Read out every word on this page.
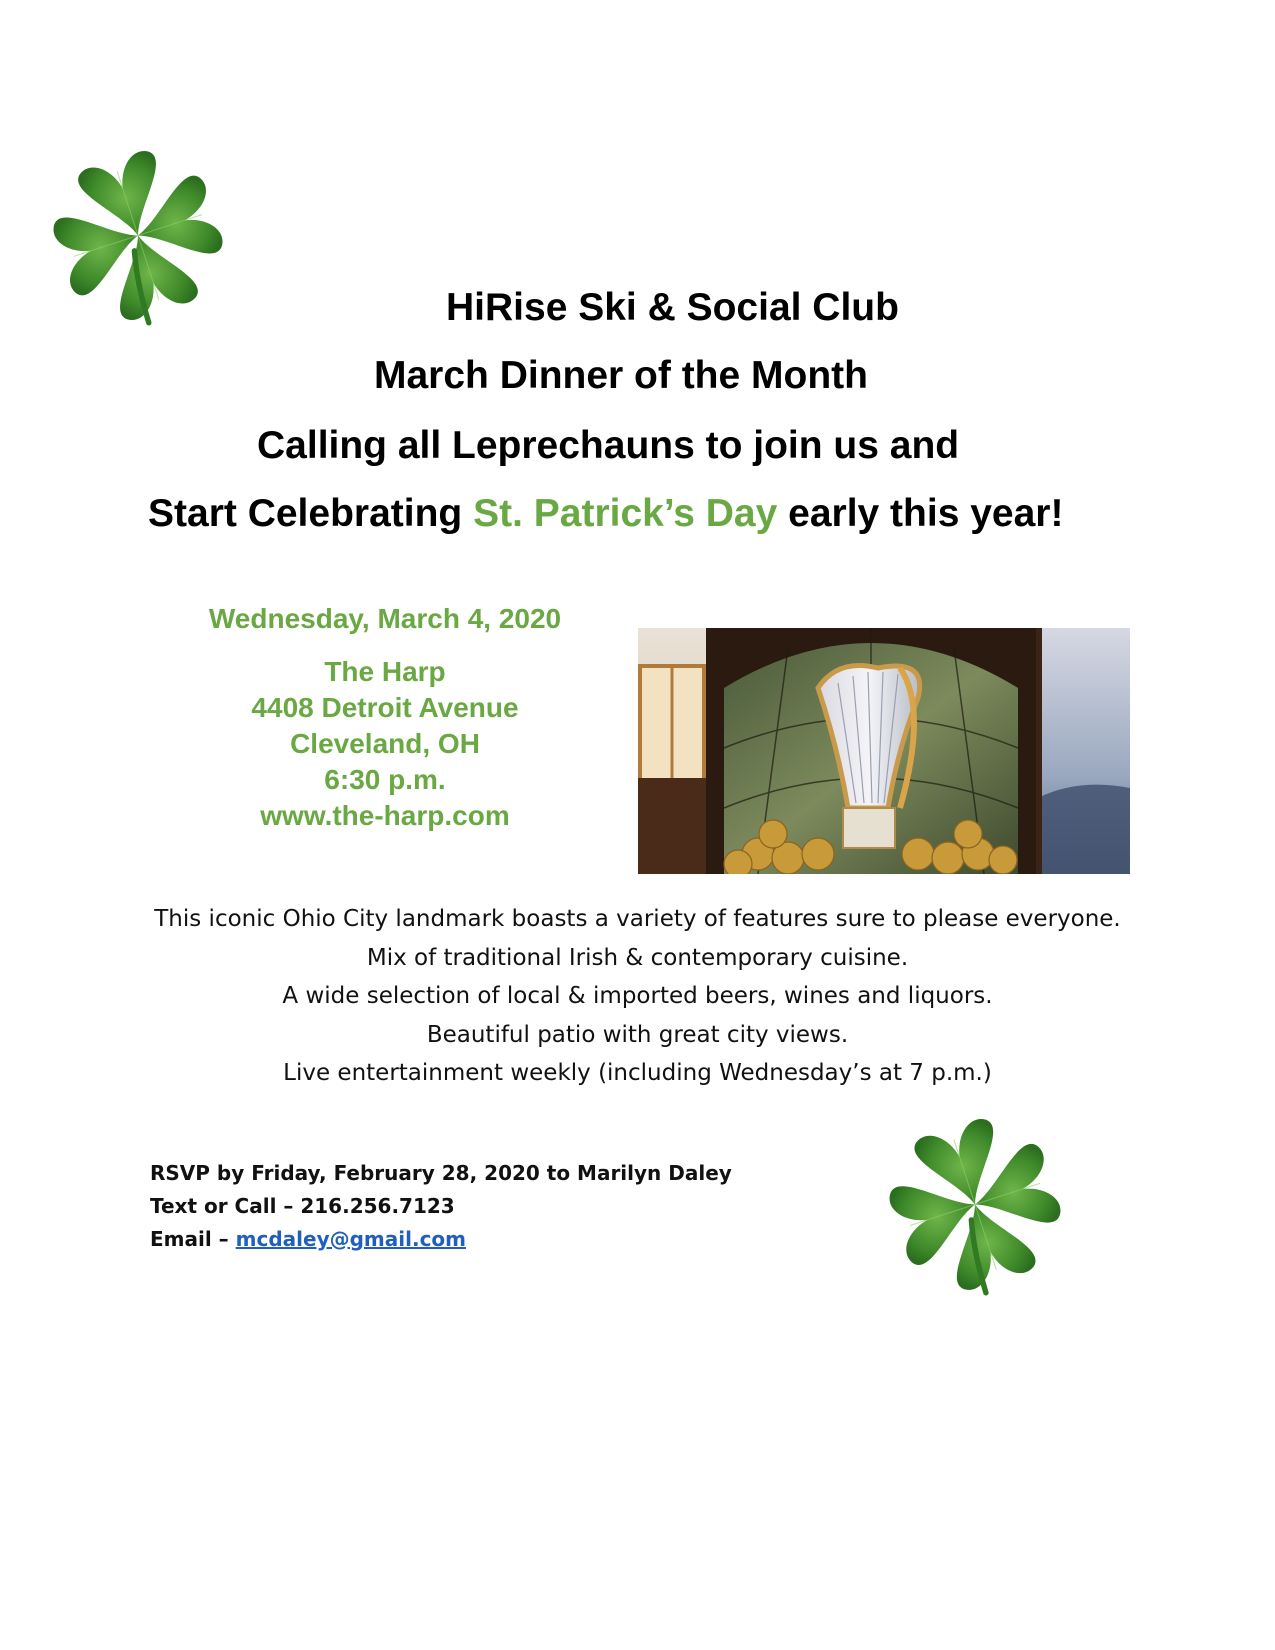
HiRise Ski & Social Club
March Dinner of the Month
Calling all Leprechauns to join us and
Start Celebrating St. Patrick’s Day early this year!
Wednesday, March 4, 2020
The Harp
4408 Detroit Avenue
Cleveland, OH
6:30 p.m.
www.the-harp.com
This iconic Ohio City landmark boasts a variety of features sure to please everyone.
Mix of traditional Irish & contemporary cuisine.
A wide selection of local & imported beers, wines and liquors.
Beautiful patio with great city views.
Live entertainment weekly (including Wednesday’s at 7 p.m.)
RSVP by Friday, February 28, 2020 to Marilyn Daley
Text or Call – 216.256.7123
Email – mcdaley@gmail.com
